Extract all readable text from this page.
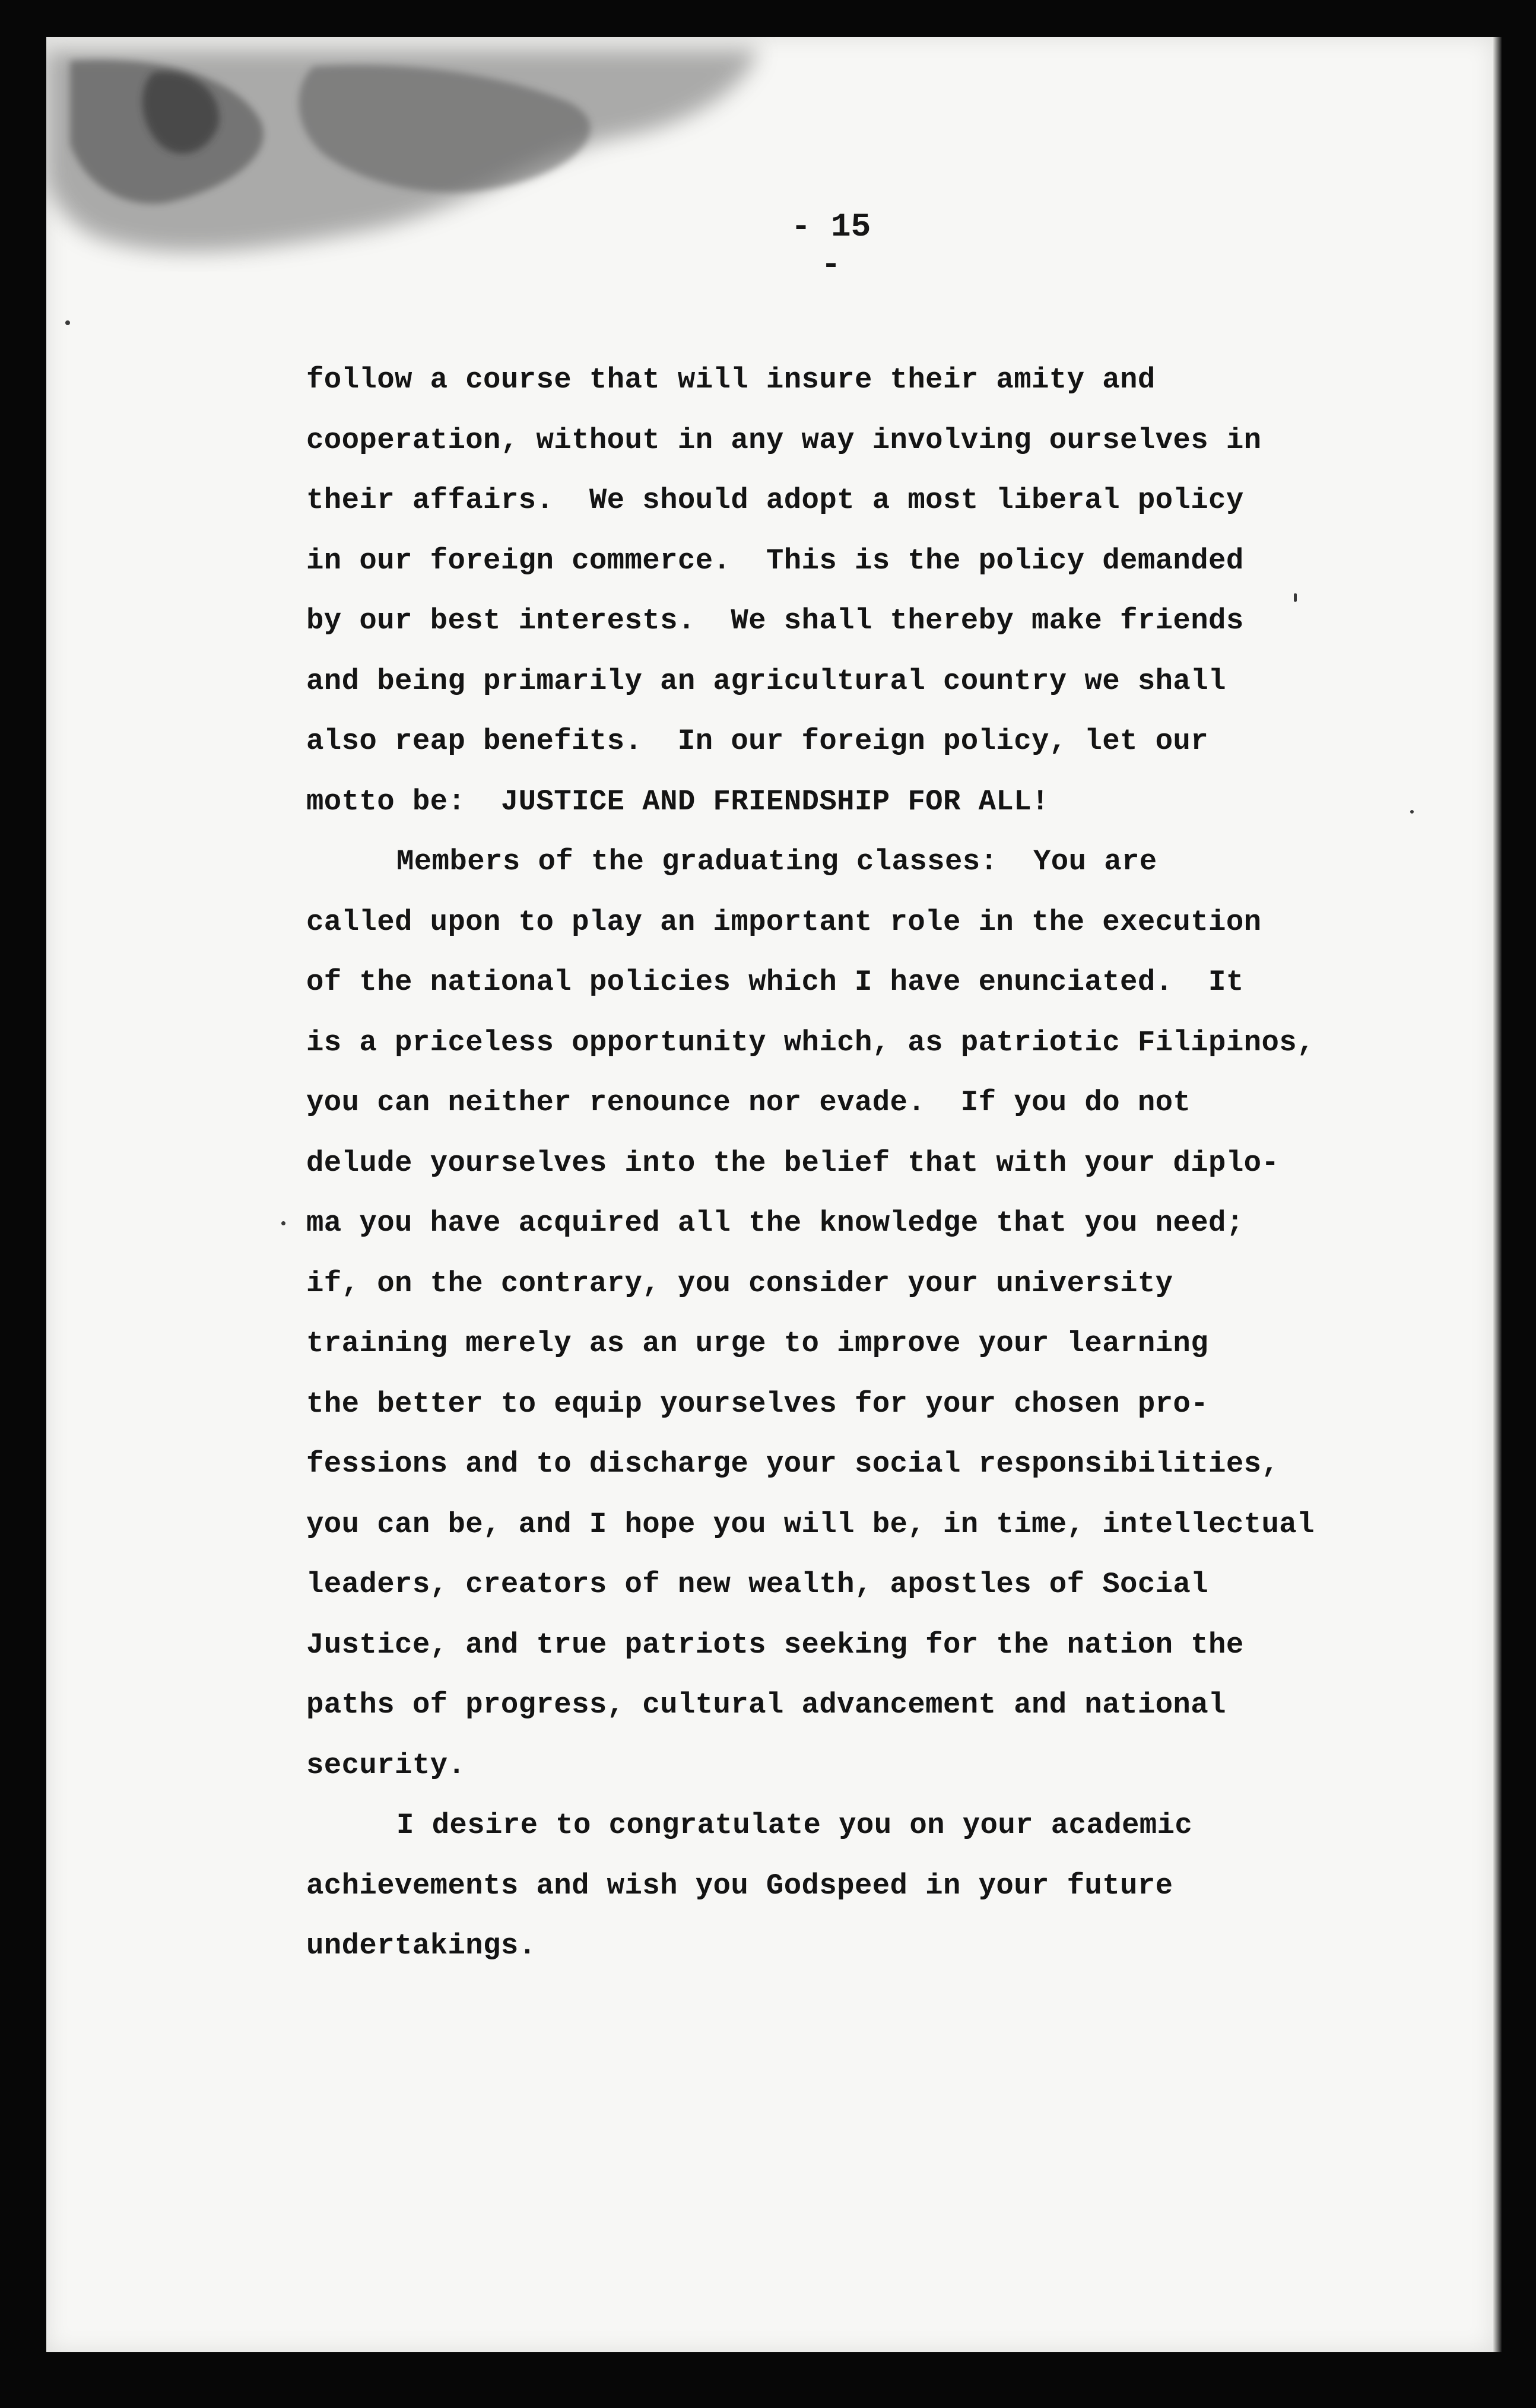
- 15 -
follow a course that will insure their amity and
cooperation, without in any way involving ourselves in
their affairs.  We should adopt a most liberal policy
in our foreign commerce.  This is the policy demanded
by our best interests.  We shall thereby make friends
and being primarily an agricultural country we shall
also reap benefits.  In our foreign policy, let our
motto be:  JUSTICE AND FRIENDSHIP FOR ALL!
Members of the graduating classes:  You are
called upon to play an important role in the execution
of the national policies which I have enunciated.  It
is a priceless opportunity which, as patriotic Filipinos,
you can neither renounce nor evade.  If you do not
delude yourselves into the belief that with your diplo-
ma you have acquired all the knowledge that you need;
if, on the contrary, you consider your university
training merely as an urge to improve your learning
the better to equip yourselves for your chosen pro-
fessions and to discharge your social responsibilities,
you can be, and I hope you will be, in time, intellectual
leaders, creators of new wealth, apostles of Social
Justice, and true patriots seeking for the nation the
paths of progress, cultural advancement and national
security.
I desire to congratulate you on your academic
achievements and wish you Godspeed in your future
undertakings.
